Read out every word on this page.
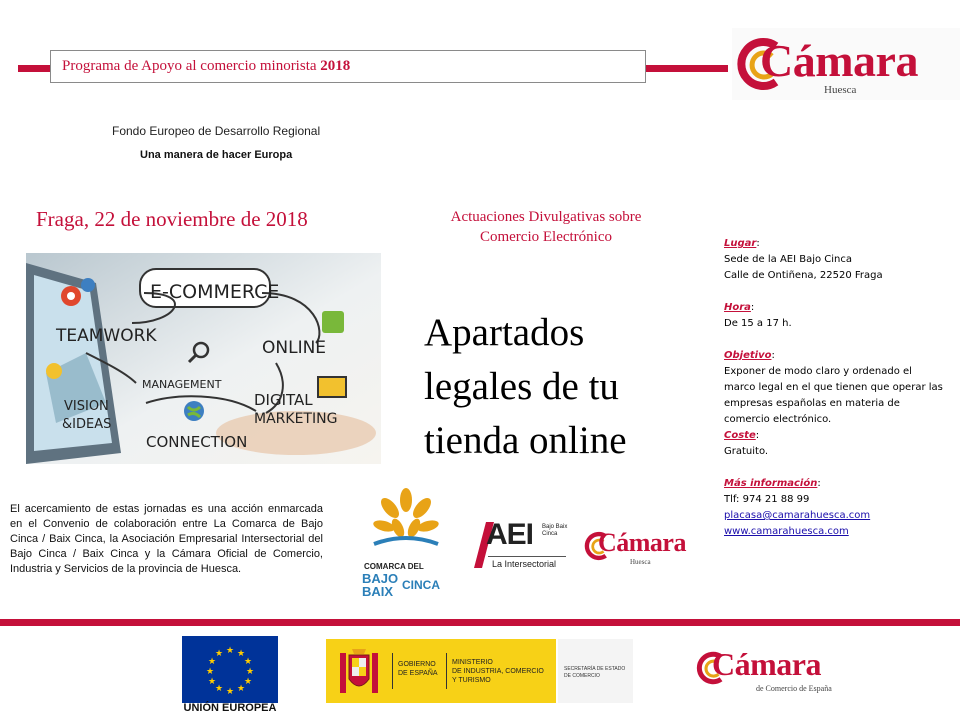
Programa de Apoyo al comercio minorista 2018	Cámara
Huesca
Fondo Europeo de Desarrollo Regional
Una manera de hacer Europa
Fraga, 22 de noviembre de 2018
E-COMMERCE
TEAMWORK
ONLINE
MANAGEMENT
VISION
&IDEAS
DIGITAL
MARKETING
CONNECTION
Actuaciones Divulgativas sobre
Comercio Electrónico
Apartados
legales de tu
tienda online

Lugar:

Sede de la AEI Bajo Cinca

Calle de Ontiñena, 22520 Fraga

Hora:

De 15 a 17 h.

Objetivo:

Exponer de modo claro y ordenado el marco legal en el que tienen que operar las empresas españolas en materia de comercio electrónico.

Coste:

Gratuito.

Más información:

Tlf: 974 21 88 99

placasa@camarahuesca.com

www.camarahuesca.com

El acercamiento de estas jornadas es una acción enmarcada en el Convenio de colaboración entre La Comarca de Bajo Cinca / Baix Cinca, la Asociación Empresarial Intersectorial del Bajo Cinca / Baix Cinca y la Cámara Oficial de Comercio, Industria y Servicios de la provincia de Huesca.	COMARCA DEL
BAJO CINCA
BAIX
AEI Bajo Baix
Cinca
La Intersectorial
Cámara
Huesca
★ ★
★
★
★
★
★
★
★
★
★
★
UNIÓN EUROPEA
GOBIERNO
DE ESPAÑA
MINISTERIO
DE INDUSTRIA, COMERCIO
Y TURISMO
SECRETARÍA DE ESTADO
DE COMERCIO	Cámara
de Comercio de España
